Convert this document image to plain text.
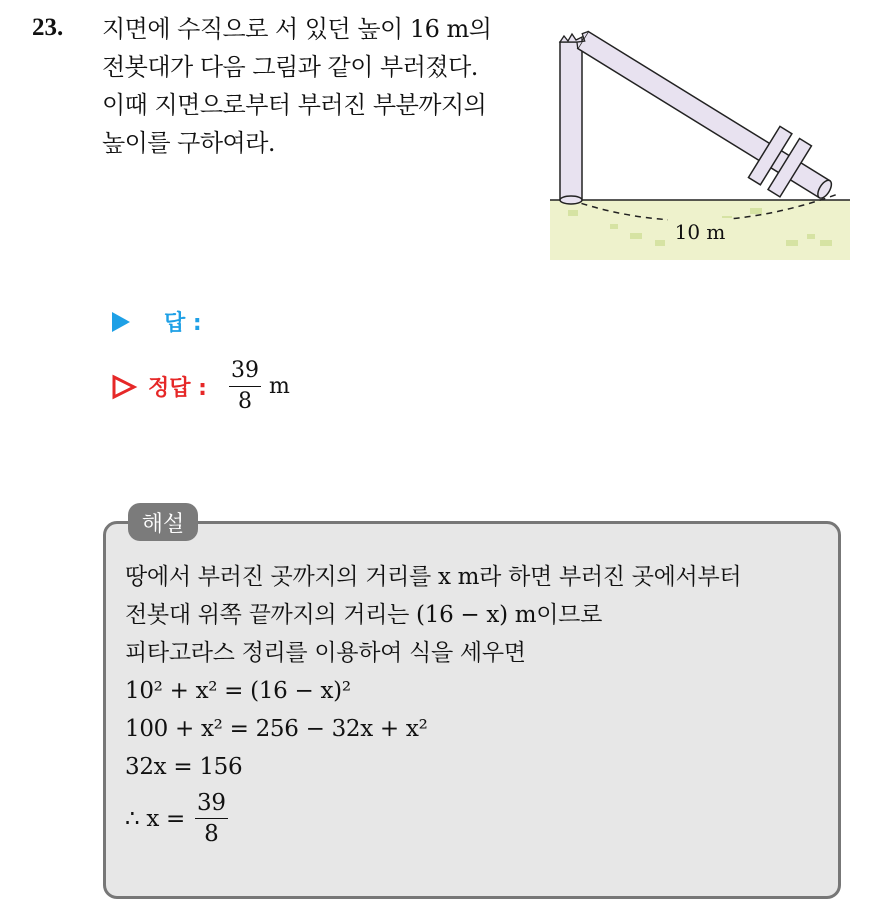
23. 지면에 수직으로 서 있던 높이 16 m의
전봇대가 다음 그림과 같이 부러졌다.
이때 지면으로부터 부러진 부분까지의
높이를 구하여라.
10 m
답 :
정답 : $\frac{39}{8}$ m
해설
땅에서 부러진 곳까지의 거리를 x m라 하면 부러진 곳에서부터
전봇대 위쪽 끝까지의 거리는 (16 − x) m이므로
피타고라스 정리를 이용하여 식을 세우면
10² + x² = (16 − x)²
100 + x² = 256 − 32x + x²
32x = 156
∴ $x = \frac{39}{8}$
